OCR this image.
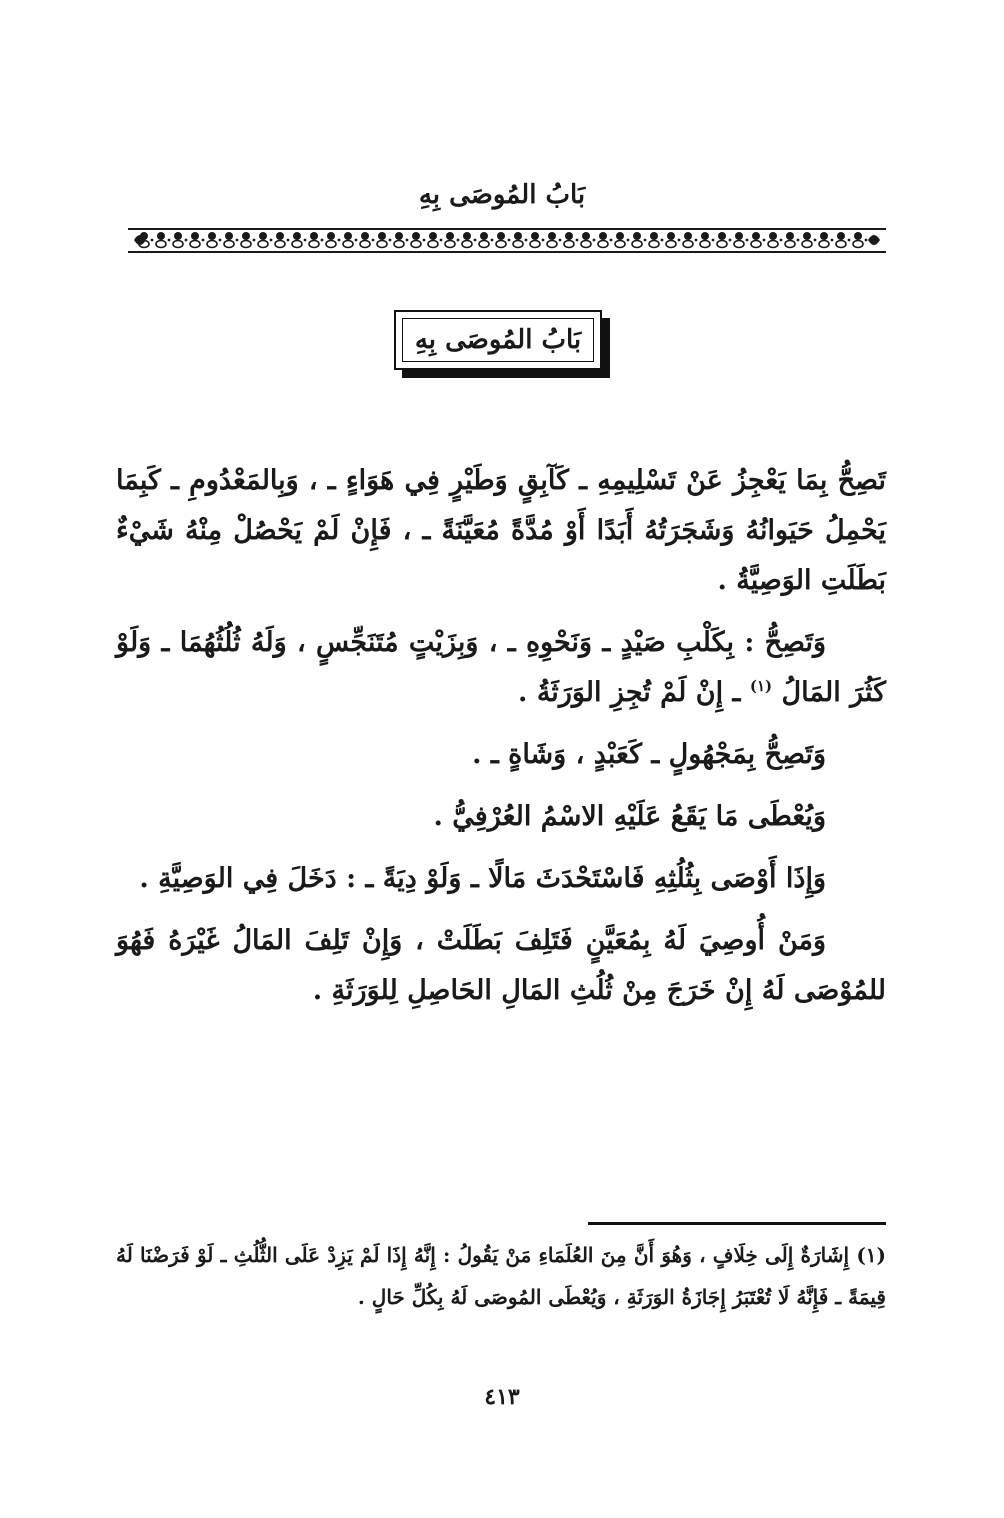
بَابُ المُوصَى بِهِ
بَابُ المُوصَى بِهِ

تَصِحُّ بِمَا يَعْجِزُ عَنْ تَسْلِيمِهِ ـ كَآبِقٍ وَطَيْرٍ فِي هَوَاءٍ ـ ، وَبِالمَعْدُومِ ـ كَبِمَا يَحْمِلُ حَيَوانُهُ وَشَجَرَتُهُ أَبَدًا أَوْ مُدَّةً مُعَيَّنَةً ـ ، فَإِنْ لَمْ يَحْصُلْ مِنْهُ شَيْءٌ بَطَلَتِ الوَصِيَّةُ .

وَتَصِحُّ : بِكَلْبِ صَيْدٍ ـ وَنَحْوِهِ ـ ، وَبِزَيْتٍ مُتَنَجِّسٍ ، وَلَهُ ثُلُثُهُمَا ـ وَلَوْ كَثُرَ المَالُ $^{(١)}$ ـ إِنْ لَمْ تُجِزِ الوَرَثَةُ .

وَتَصِحُّ بِمَجْهُولٍ ـ كَعَبْدٍ ، وَشَاةٍ ـ .

وَيُعْطَى مَا يَقَعُ عَلَيْهِ الاسْمُ العُرْفِيُّ .

وَإِذَا أَوْصَى بِثُلُثِهِ فَاسْتَحْدَثَ مَالًا ـ وَلَوْ دِيَةً ـ : دَخَلَ فِي الوَصِيَّةِ .

وَمَنْ أُوصِيَ لَهُ بِمُعَيَّنٍ فَتَلِفَ بَطَلَتْ ، وَإِنْ تَلِفَ المَالُ غَيْرَهُ فَهُوَ للمُوْصَى لَهُ إِنْ خَرَجَ مِنْ ثُلُثِ المَالِ الحَاصِلِ لِلوَرَثَةِ .

(١) إِشَارَةٌ إِلَى خِلَافٍ ، وَهُوَ أَنَّ مِنَ العُلَمَاءِ مَنْ يَقُولُ : إِنَّهُ إِذَا لَمْ يَزِدْ عَلَى الثُّلُثِ ـ لَوْ فَرَضْنَا لَهُ قِيمَةً ـ فَإِنَّهُ لَا تُعْتَبَرُ إِجَازَةُ الوَرَثَةِ ، وَيُعْطَى المُوصَى لَهُ بِكُلِّ حَالٍ .
٤١٣
